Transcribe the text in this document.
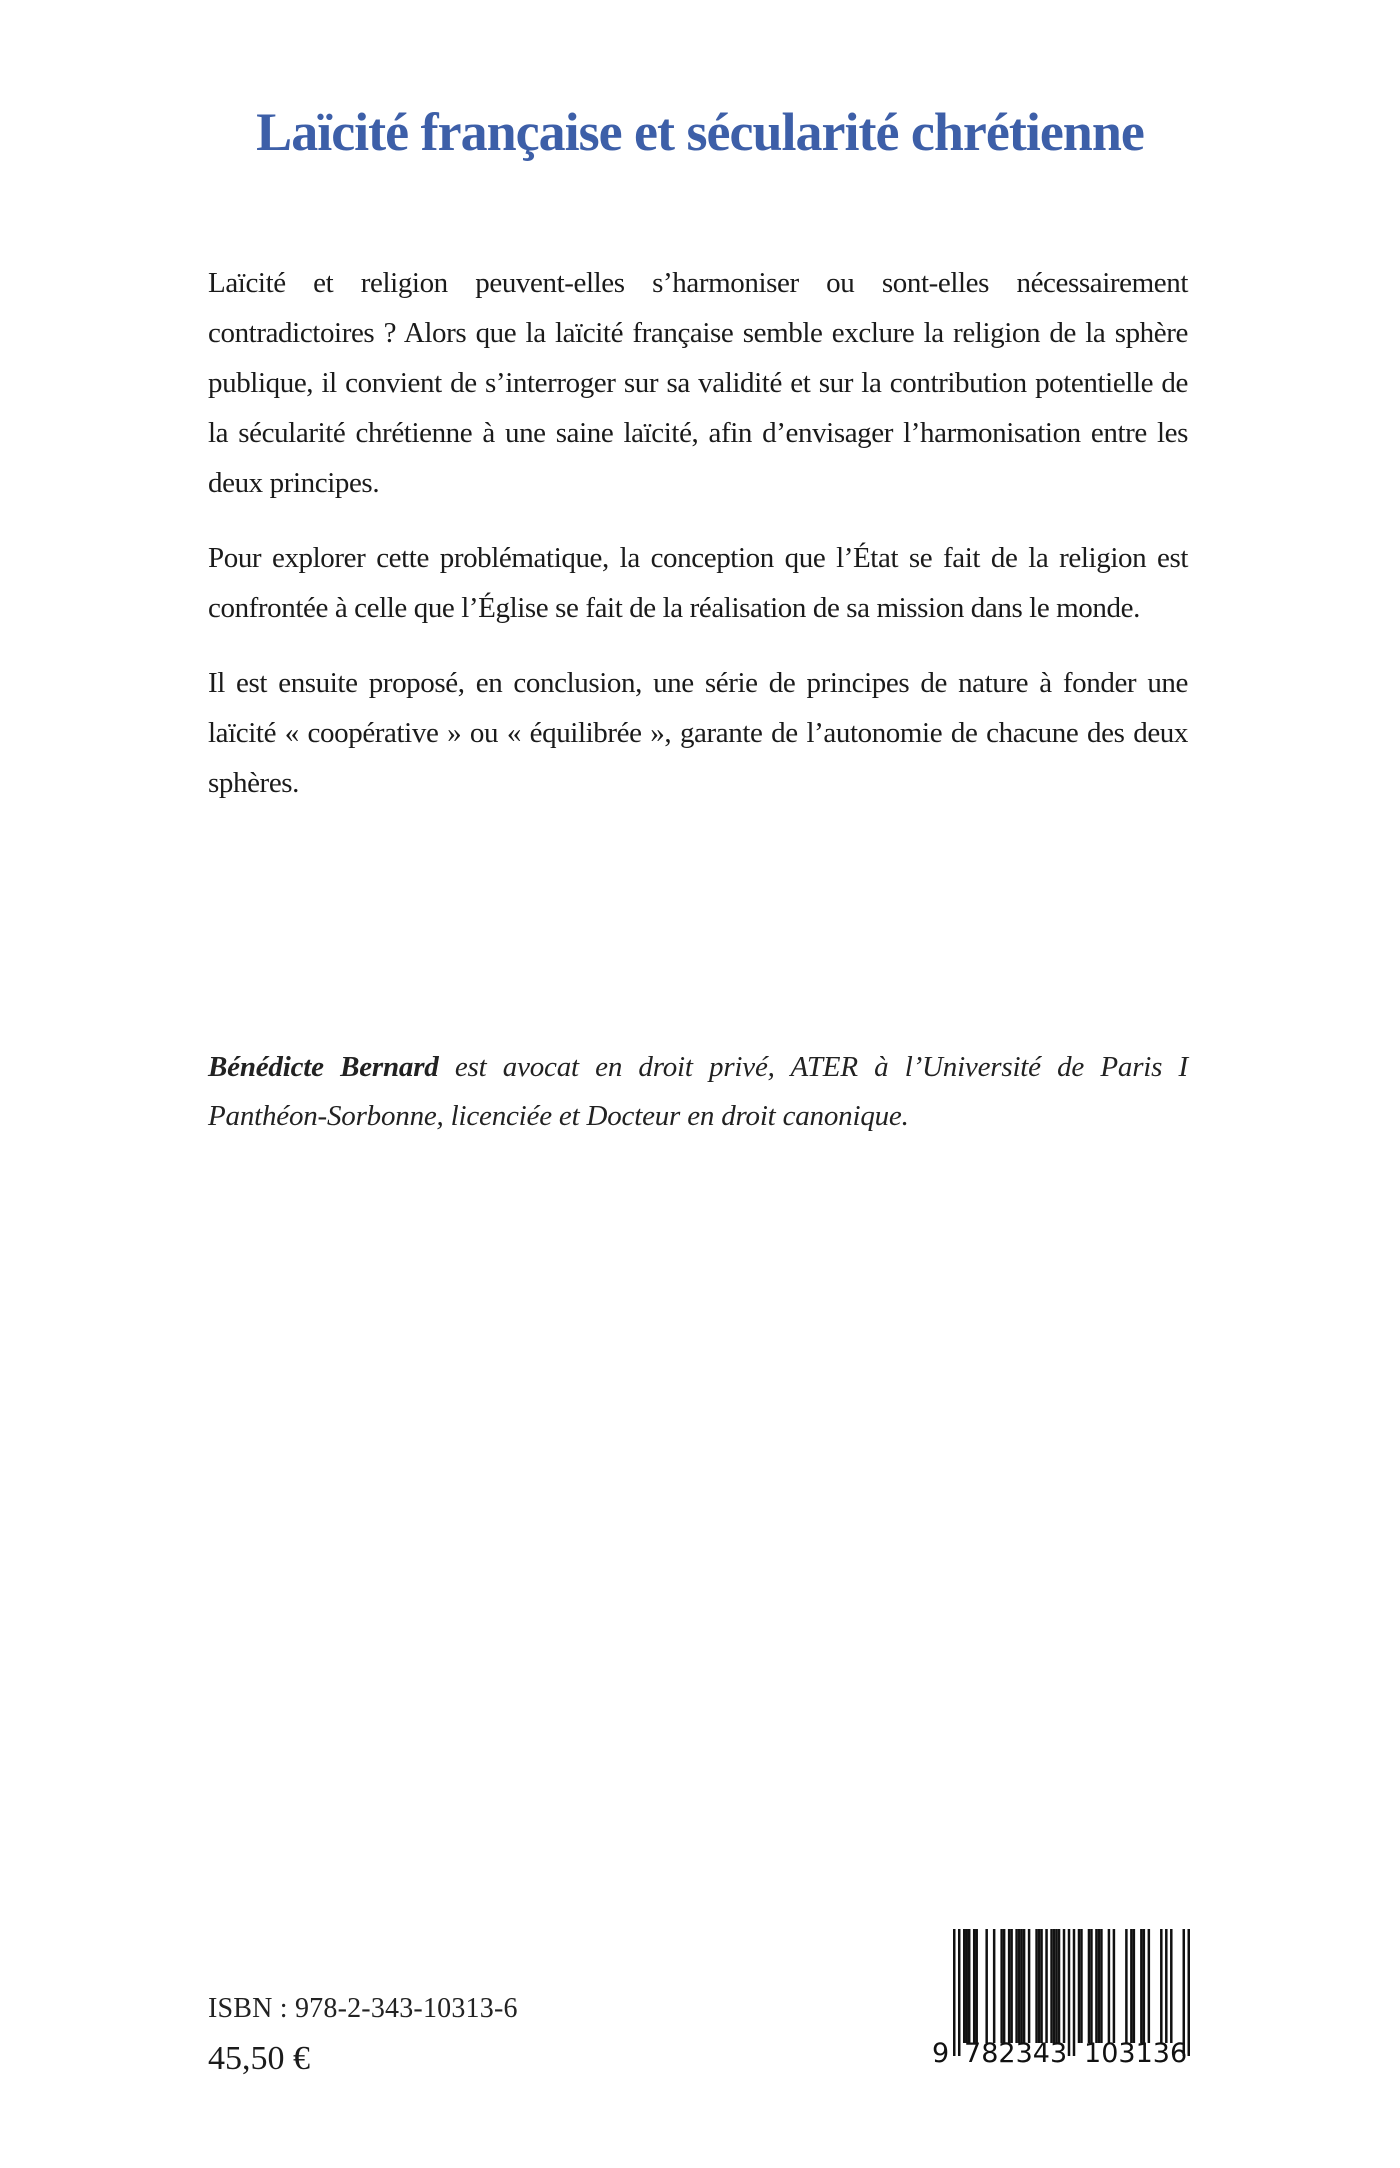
Laïcité française et sécularité chrétienne

Laïcité et religion peuvent-elles s’harmoniser ou sont-elles nécessairement contradictoires ? Alors que la laïcité française semble exclure la religion de la sphère publique, il convient de s’interroger sur sa validité et sur la contribution potentielle de la sécularité chrétienne à une saine laïcité, afin d’envisager l’harmonisation entre les deux principes.

Pour explorer cette problématique, la conception que l’État se fait de la religion est confrontée à celle que l’Église se fait de la réalisation de sa mission dans le monde.

Il est ensuite proposé, en conclusion, une série de principes de nature à fonder une laïcité « coopérative » ou « équilibrée », garante de l’autonomie de chacune des deux sphères.

Bénédicte Bernard est avocat en droit privé, ATER à l’Université de Paris I Panthéon-Sorbonne, licenciée et Docteur en droit canonique.

ISBN : 978-2-343-10313-6
45,50 €	9 7 8 2 3 4 3 1 0 3 1 3 6
